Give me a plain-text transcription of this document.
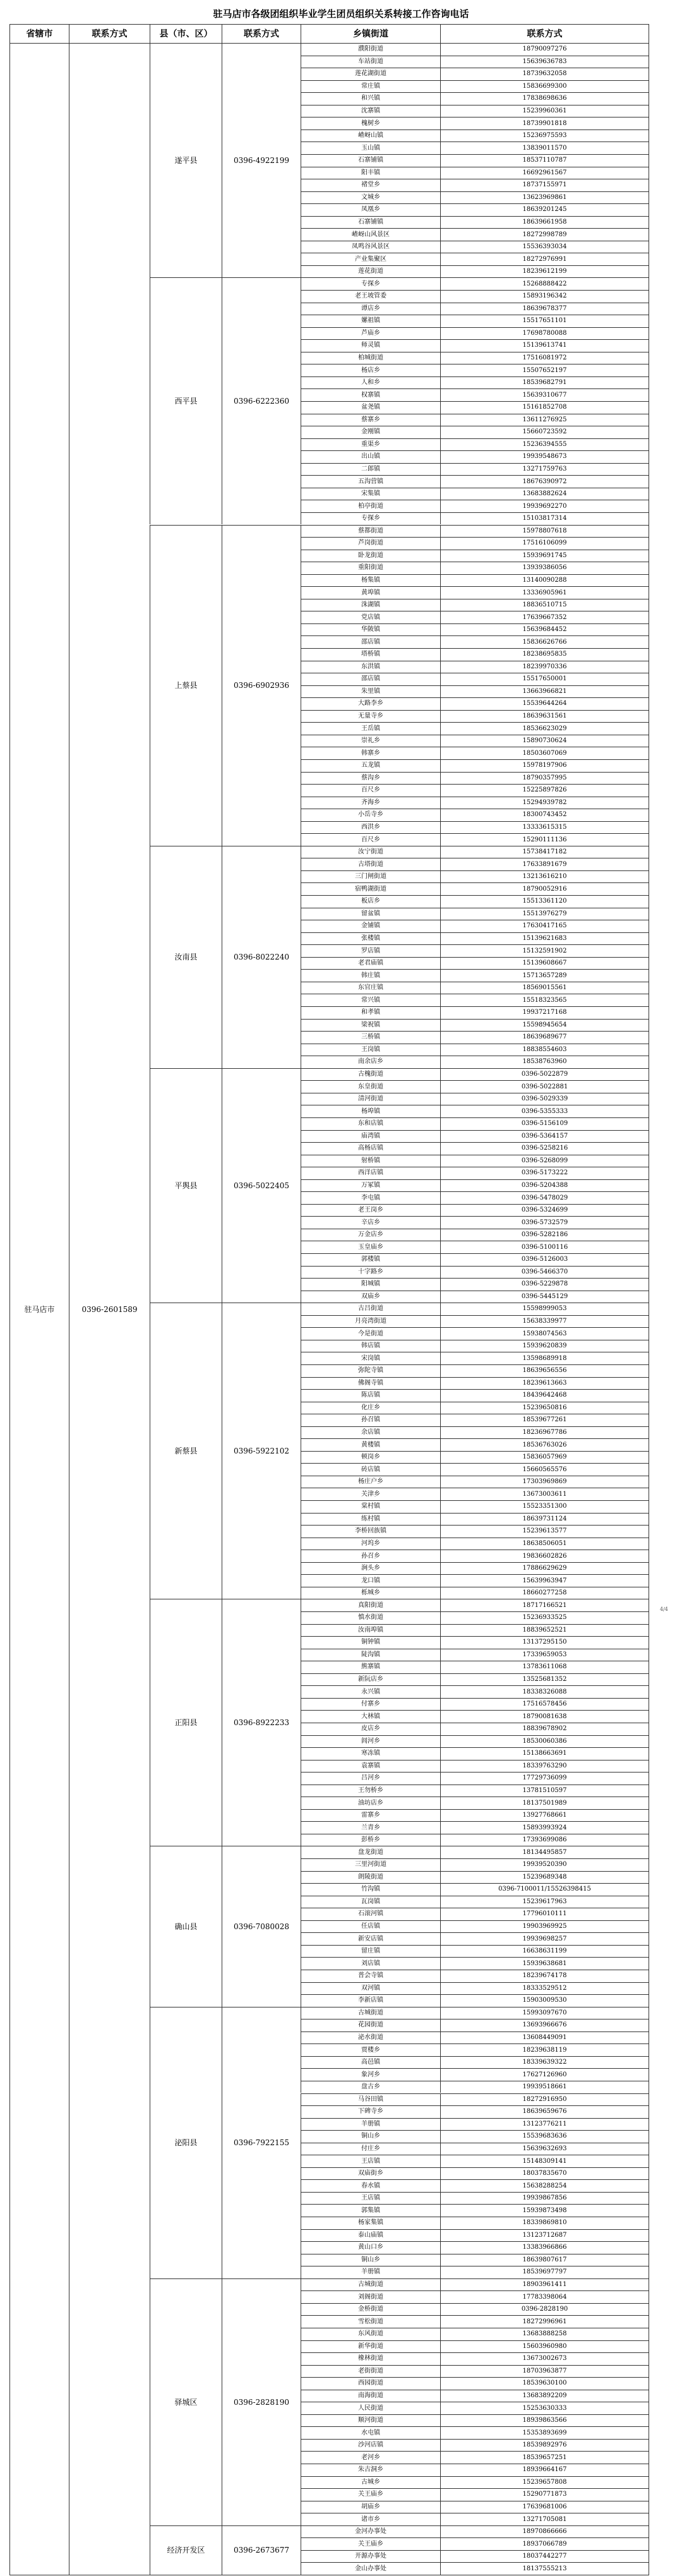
驻马店市各级团组织毕业学生团员组织关系转接工作咨询电话
4/4
省辖市	联系方式	县（市、区）	联系方式	乡镇街道	联系方式
驻马店市	0396-2601589
遂平县	0396-4922199
濮阳街道	18790097276
车站街道	15639636783
莲花湖街道	18739632058
常庄镇	15836699300
和兴镇	17838698636
沈寨镇	15239960361
槐树乡	18739901818
嵖岈山镇	15236975593
玉山镇	13839011570
石寨铺镇	18537110787
阳丰镇	16692961567
褚堂乡	18737155971
文城乡	13623969861
凤凰乡	18639201245
石寨铺镇	18639661958
嵖岈山风景区	18272998789
凤鸣谷风景区	15536393034
产业集聚区	18272976991
莲花街道	18239612199
西平县	0396-6222360
专探乡	15268888422
老王坡管委	15893196342
谭店乡	18639678377
嫘祖镇	15517651101
芦庙乡	17698780088
师灵镇	15139613741
柏城街道	17516081972
杨店乡	15507652197
人和乡	18539682791
权寨镇	15639310677
盆尧镇	15161852708
蔡寨乡	13611276925
金刚镇	15660723592
重渠乡	15236394555
出山镇	19939548673
二郎镇	13271759763
五沟营镇	18676390972
宋集镇	13683882624
柏亭街道	19939692270
专探乡	15103817314
上蔡县	0396-6902936
蔡都街道	15978807618
芦岗街道	17516106099
卧龙街道	15939691745
重阳街道	13939386056
杨集镇	13140090288
黄埠镇	13336905961
洙湖镇	18836510715
党店镇	17639667352
华陂镇	15639684452
邵店镇	15836626766
塔桥镇	18238695835
东洪镇	18239970336
邵店镇	15517650001
朱里镇	13663966821
大路李乡	15539644264
无量寺乡	18639631561
王岳镇	18536623029
崇礼乡	15890730624
韩寨乡	18503607069
五龙镇	15978197906
蔡沟乡	18790357995
百尺乡	15225897826
齐海乡	15294939782
小岳寺乡	18300743452
西洪乡	13333615315
百尺乡	15290111136
汝南县	0396-8022240
汝宁街道	15738417182
古塔街道	17633891679
三门闸街道	13213616210
宿鸭湖街道	18790052916
板店乡	15513361120
留盆镇	15513976279
金铺镇	17630417165
张楼镇	15139621683
罗店镇	15132591902
老君庙镇	15139608667
韩庄镇	15713657289
东官庄镇	18569015561
常兴镇	15518323565
和孝镇	19937217168
梁祝镇	15598945654
三桥镇	18639689677
王岗镇	18838554603
南余店乡	18538763960
平舆县	0396-5022405
古槐街道	0396-5022879
东皇街道	0396-5022881
清河街道	0396-5029339
杨埠镇	0396-5355333
东和店镇	0396-5156109
庙湾镇	0396-5364157
高杨店镇	0396-5258216
射桥镇	0396-5268099
西洋店镇	0396-5173222
万冢镇	0396-5204388
李屯镇	0396-5478029
老王岗乡	0396-5324699
辛店乡	0396-5732579
万金店乡	0396-5282186
玉皇庙乡	0396-5100116
郭楼镇	0396-5126003
十字路乡	0396-5466370
阳城镇	0396-5229878
双庙乡	0396-5445129
新蔡县	0396-5922102
古吕街道	15598999053
月亮湾街道	15638339977
今是街道	15938074563
韩店镇	15939620839
宋岗镇	13598689918
弥陀寺镇	18639656556
佛阁寺镇	18239613663
陈店镇	18439642468
化庄乡	15239650816
孙召镇	18539677261
余店镇	18236967786
黄楼镇	18536763026
顿岗乡	15836057969
砖店镇	15660565576
杨庄户乡	17303969869
关津乡	13673003611
棠村镇	15523351300
练村镇	18639731124
李桥回族镇	15239613577
河坞乡	18638506051
孙召乡	19836602826
涧头乡	17886629629
龙口镇	15639963947
栎城乡	18660277258
正阳县	0396-8922233
真阳街道	18717166521
慎水街道	15236933525
汝南埠镇	18839652521
铜钟镇	13137295150
陡沟镇	17339659053
熊寨镇	13783611068
新阮店乡	13525681352
永兴镇	18338326088
付寨乡	17516578456
大林镇	18790081638
皮店乡	18839678902
闾河乡	18530060386
寒冻镇	15138663691
袁寨镇	18339763290
吕河乡	17729736099
王勿桥乡	13781510597
油坊店乡	18137501989
雷寨乡	13927768661
兰青乡	15893993924
彭桥乡	17393699086
确山县	0396-7080028
盘龙街道	18134495857
三里河街道	19939520390
朗陵街道	15239689348
竹沟镇	0396-7100011/15526398415
瓦岗镇	15239617963
石滚河镇	17796010111
任店镇	19903969925
新安店镇	19939698257
留庄镇	16638631199
刘店镇	15939638681
普会寺镇	18239674178
双河镇	18333529512
李新店镇	15903009530
泌阳县	0396-7922155
古城街道	15993097670
花园街道	13693966676
泌水街道	13608449091
贾楼乡	18239638119
高邑镇	18339639322
象河乡	17627126960
盘古乡	19939518661
马谷田镇	18272916950
下碑寺乡	18639659676
羊册镇	13123776211
铜山乡	15539683636
付庄乡	15639632693
王店镇	15148309141
双庙街乡	18037835670
春水镇	15638288254
王店镇	19939867856
郭集镇	15939873498
杨家集镇	18339869810
泰山庙镇	13123712687
黄山口乡	13383966866
铜山乡	18639807617
羊册镇	18539697797
驿城区	0396-2828190
古城街道	18903961411
刘阁街道	17783398064
金桥街道	0396-2828190
雪松街道	18272996961
东风街道	13683888258
新华街道	15603960980
橡林街道	13673002673
老街街道	18703963877
西园街道	18539630100
南海街道	13683892209
人民街道	15253630333
顺河街道	18939863566
水屯镇	15353893699
沙河店镇	18539892976
老河乡	18539657251
朱古洞乡	18939664167
古城乡	15239657808
关王庙乡	15290771873
胡庙乡	17639681006
诸市乡	13271705081
经济开发区	0396-2673677
金河办事处	18970866666
关王庙乡	18937066789
开源办事处	18037442277
金山办事处	18137555213
